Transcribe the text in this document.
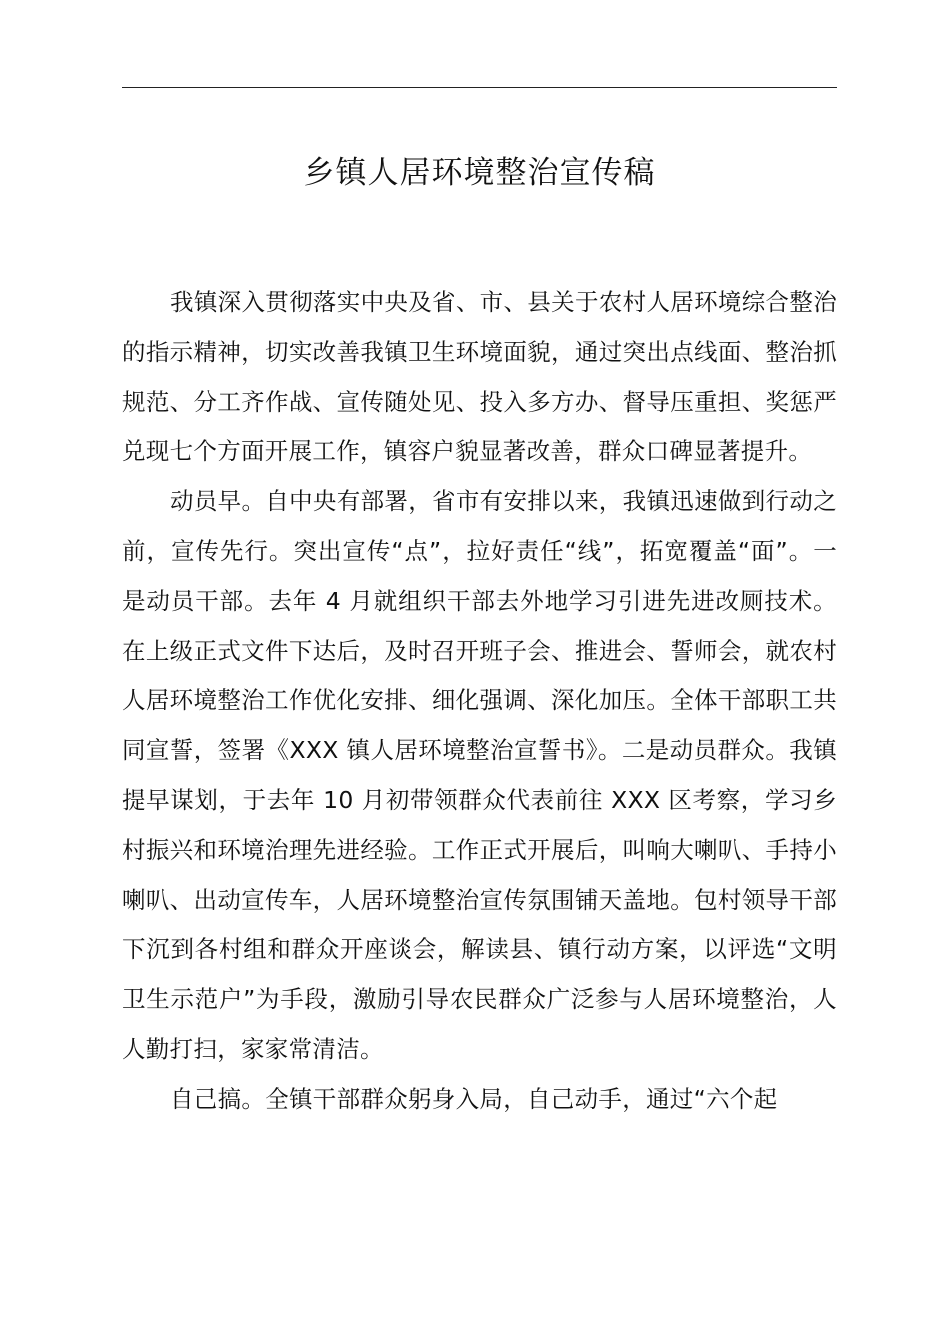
乡镇人居环境整治宣传稿

我镇深入贯彻落实中央及省、市、县关于农村人居环境综合整治的指示精神，切实改善我镇卫生环境面貌，通过突出点线面、整治抓规范、分工齐作战、宣传随处见、投入多方办、督导压重担、奖惩严兑现七个方面开展工作，镇容户貌显著改善，群众口碑显著提升。

动员早。自中央有部署，省市有安排以来，我镇迅速做到行动之前，宣传先行。突出宣传“点”，拉好责任“线”，拓宽覆盖“面”。一是动员干部。去年 4 月就组织干部去外地学习引进先进改厕技术。在上级正式文件下达后，及时召开班子会、推进会、誓师会，就农村人居环境整治工作优化安排、细化强调、深化加压。全体干部职工共同宣誓，签署《XXX 镇人居环境整治宣誓书》。二是动员群众。我镇提早谋划，于去年 10 月初带领群众代表前往 XXX 区考察，学习乡村振兴和环境治理先进经验。工作正式开展后，叫响大喇叭、手持小喇叭、出动宣传车，人居环境整治宣传氛围铺天盖地。包村领导干部下沉到各村组和群众开座谈会，解读县、镇行动方案，以评选“文明卫生示范户”为手段，激励引导农民群众广泛参与人居环境整治，人人勤打扫，家家常清洁。

自己搞。全镇干部群众躬身入局，自己动手，通过“六个起
